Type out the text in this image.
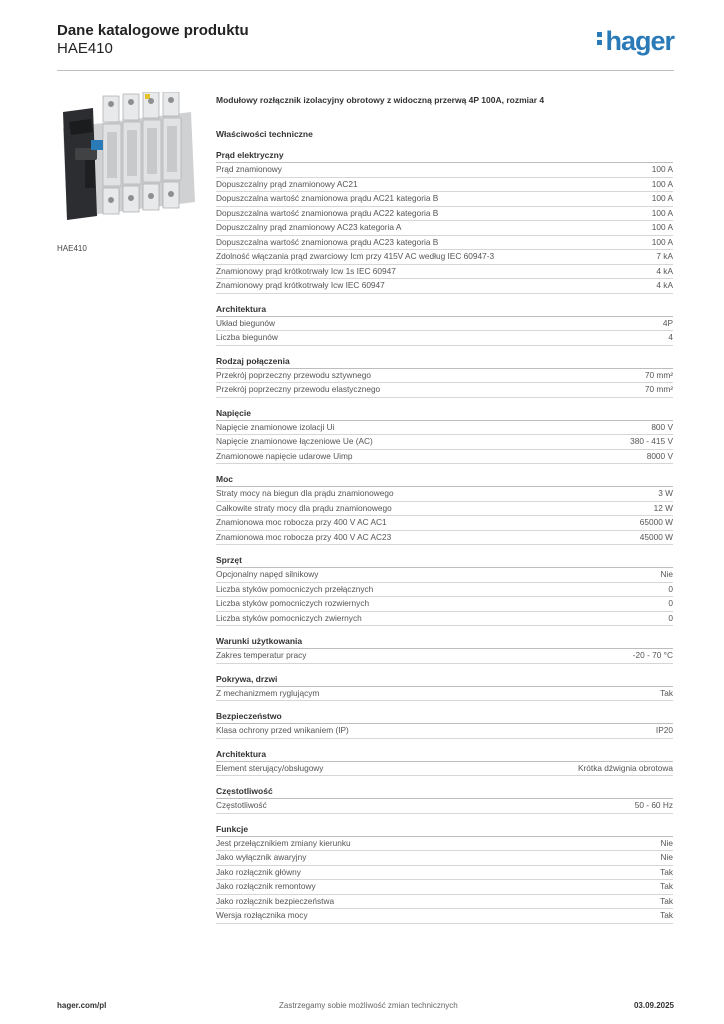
Dane katalogowe produktu
HAE410	hager
HAE410
Modułowy rozłącznik izolacyjny obrotowy z widoczną przerwą 4P 100A, rozmiar 4
Właściwości techniczne
Prąd elektryczny
Prąd znamionowy	100 A
Dopuszczalny prąd znamionowy AC21	100 A
Dopuszczalna wartość znamionowa prądu AC21 kategoria B	100 A
Dopuszczalna wartość znamionowa prądu AC22 kategoria B	100 A
Dopuszczalny prąd znamionowy AC23 kategoria A	100 A
Dopuszczalna wartość znamionowa prądu AC23 kategoria B	100 A
Zdolność włączania prąd zwarciowy Icm przy 415V AC według IEC 60947-3	7 kA
Znamionowy prąd krótkotrwały Icw 1s IEC 60947	4 kA
Znamionowy prąd krótkotrwały Icw IEC 60947	4 kA
Architektura
Układ biegunów	4P
Liczba biegunów	4
Rodzaj połączenia
Przekrój poprzeczny przewodu sztywnego	70 mm²
Przekrój poprzeczny przewodu elastycznego	70 mm²
Napięcie
Napięcie znamionowe izolacji Ui	800 V
Napięcie znamionowe łączeniowe Ue (AC)	380 - 415 V
Znamionowe napięcie udarowe Uimp	8000 V
Moc
Straty mocy na biegun dla prądu znamionowego	3 W
Całkowite straty mocy dla prądu znamionowego	12 W
Znamionowa moc robocza przy 400 V AC AC1	65000 W
Znamionowa moc robocza przy 400 V AC AC23	45000 W
Sprzęt
Opcjonalny napęd silnikowy	Nie
Liczba styków pomocniczych przełącznych	0
Liczba styków pomocniczych rozwiernych	0
Liczba styków pomocniczych zwiernych	0
Warunki użytkowania
Zakres temperatur pracy	-20 - 70 °C
Pokrywa, drzwi
Z mechanizmem ryglującym	Tak
Bezpieczeństwo
Klasa ochrony przed wnikaniem (IP)	IP20
Architektura
Element sterujący/obsługowy	Krótka dźwignia obrotowa
Częstotliwość
Częstotliwość	50 - 60 Hz
Funkcje
Jest przełącznikiem zmiany kierunku	Nie
Jako wyłącznik awaryjny	Nie
Jako rozłącznik główny	Tak
Jako rozłącznik remontowy	Tak
Jako rozłącznik bezpieczeństwa	Tak
Wersja rozłącznika mocy	Tak
hager.com/pl	Zastrzegamy sobie możliwość zmian technicznych	03.09.2025
